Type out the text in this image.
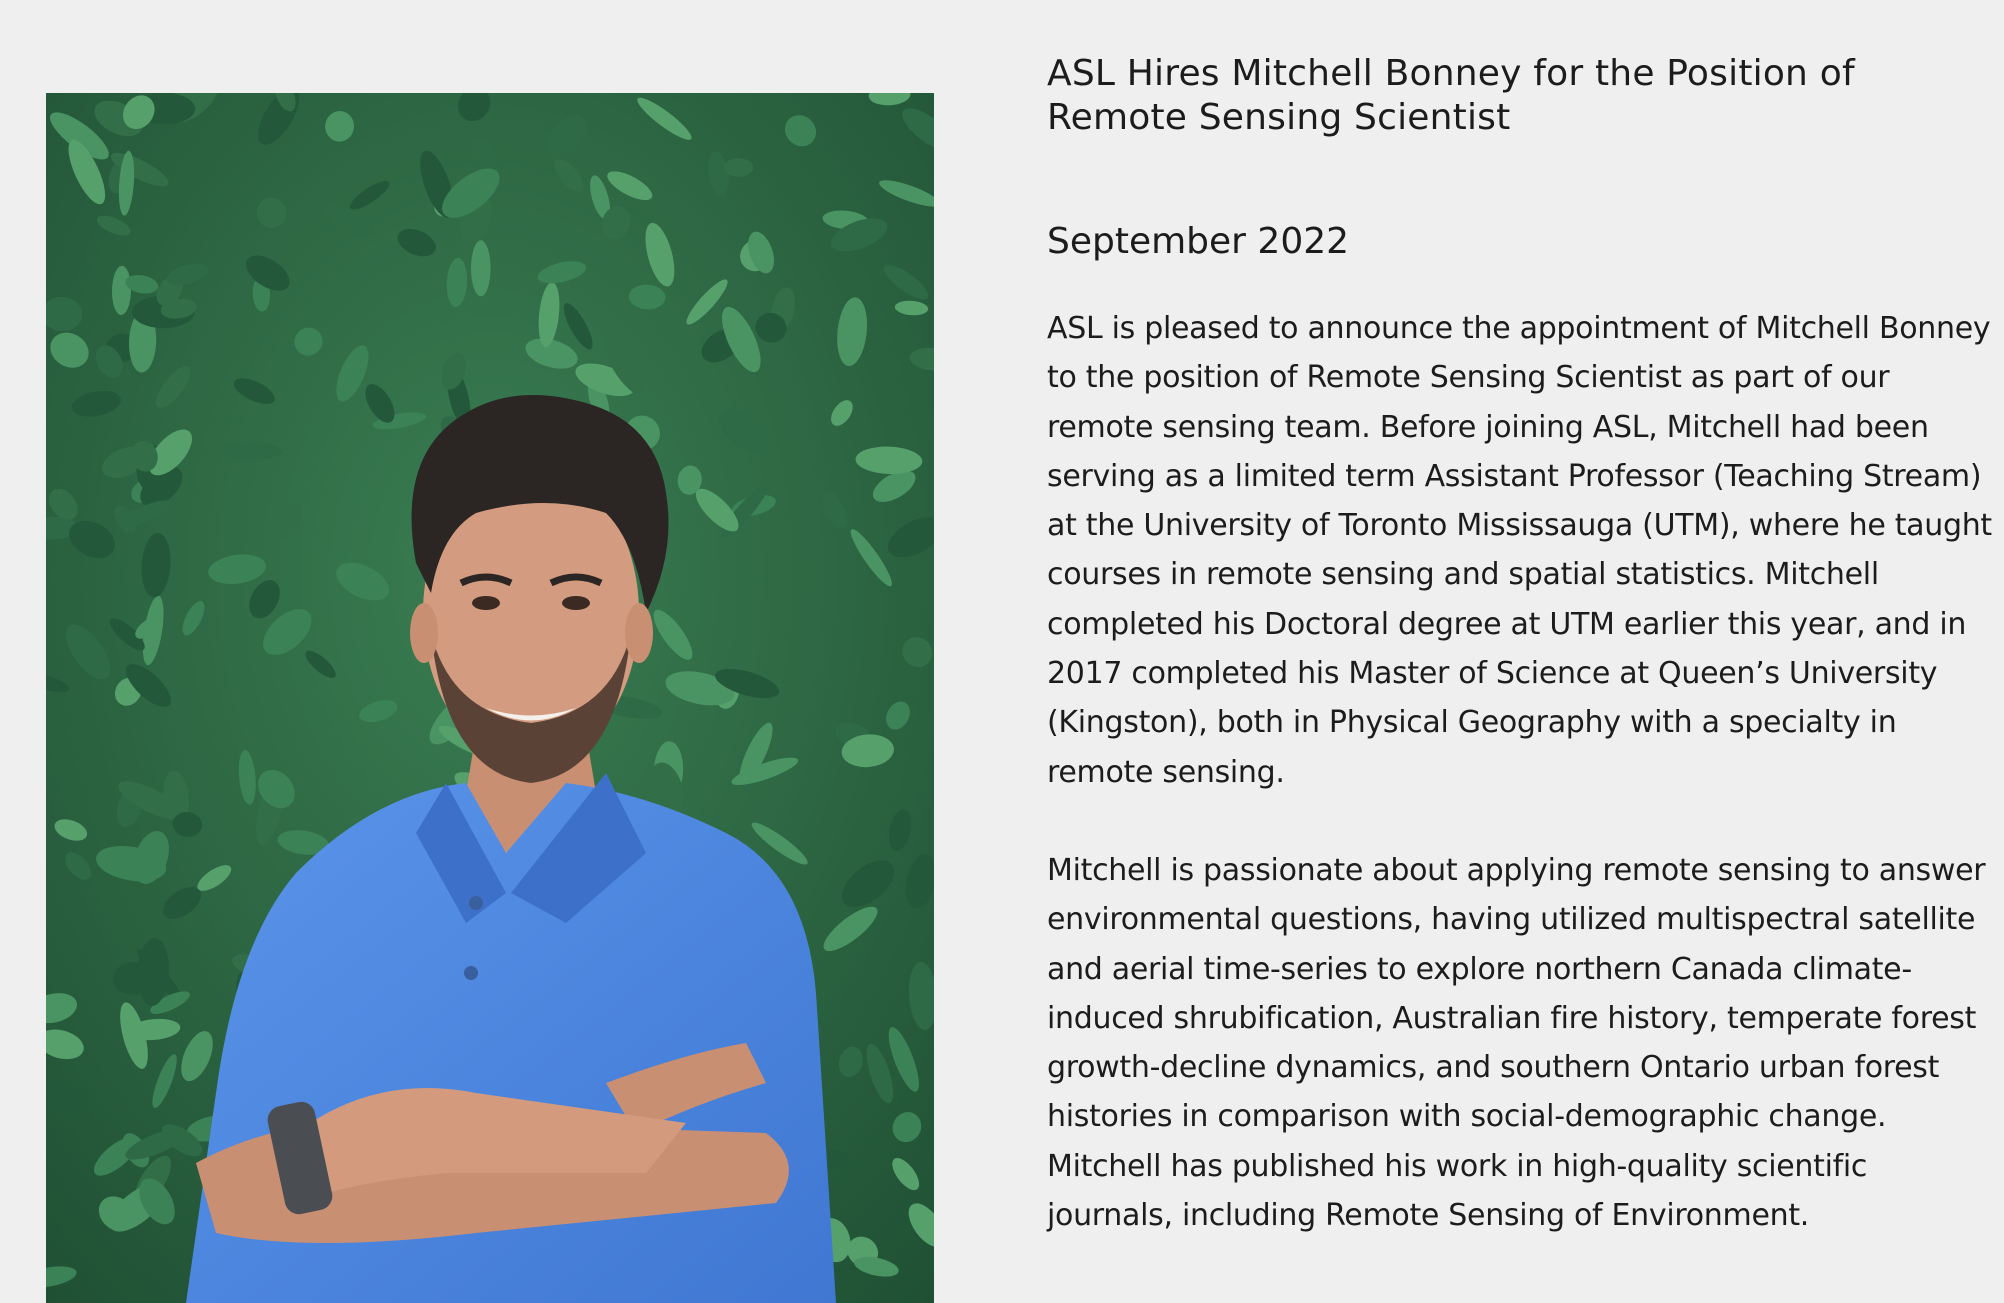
ASL Hires Mitchell Bonney for the Position of Remote Sensing Scientist
September 2022

ASL is pleased to announce the appointment of Mitchell Bonney to the position of Remote Sensing Scientist as part of our remote sensing team. Before joining ASL, Mitchell had been serving as a limited term Assistant Professor (Teaching Stream) at the University of Toronto Mississauga (UTM), where he taught courses in remote sensing and spatial statistics. Mitchell completed his Doctoral degree at UTM earlier this year, and in 2017 completed his Master of Science at Queen’s University (Kingston), both in Physical Geography with a specialty in remote sensing.

Mitchell is passionate about applying remote sensing to answer environmental questions, having utilized multispectral satellite and aerial time-series to explore northern Canada climate-induced shrubification, Australian fire history, temperate forest growth-decline dynamics, and southern Ontario urban forest histories in comparison with social-demographic change. Mitchell has published his work in high-quality scientific journals, including Remote Sensing of Environment.
